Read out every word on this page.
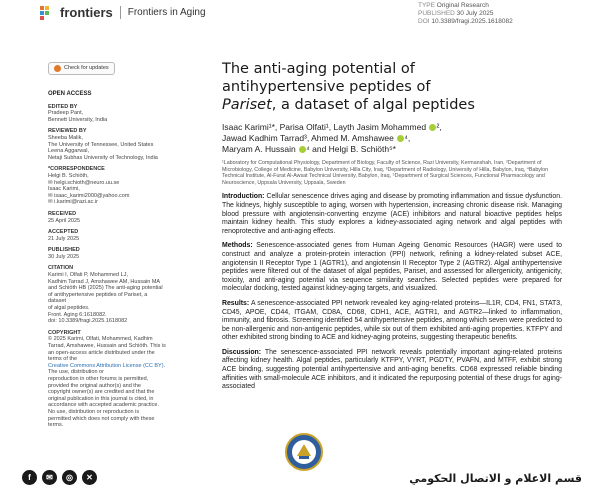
frontiers Frontiers in Aging
TYPE Original Research
PUBLISHED 30 July 2025
DOI 10.3389/fragi.2025.1618082
Check for updates
OPEN ACCESS
EDITED BY
Pradeep Pant,
Bennett University, India
REVIEWED BY
Sheeba Malik,
The University of Tennessee, United States
Leena Aggarwal,
Netaji Subhas University of Technology, India
*CORRESPONDENCE
Helgi B. Schiöth,
✉ helgi.schioth@neuro.uu.se
Isaac Karimi,
✉ isaac_karimi2000@yahoo.com
✉ i.karimi@razi.ac.ir
RECEIVED
25 April 2025
ACCEPTED
21 July 2025
PUBLISHED
30 July 2025
CITATION
Karimi I, Olfati P, Mohammed LJ,
Kadhim Tarrad J, Amshawee AM, Hussain MA
and Schiöth HB (2025) The anti-aging potential
of antihypertensive peptides of Pariset, a dataset
of algal peptides.
Front. Aging 6:1618082.
doi: 10.3389/fragi.2025.1618082
COPYRIGHT
© 2025 Karimi, Olfati, Mohammed, Kadhim
Tarrad, Amshawee, Hussain and Schiöth. This is
an open-access article distributed under the
terms of the
Creative Commons Attribution License (CC BY).
The use, distribution or
reproduction in other forums is permitted,
provided the original author(s) and the
copyright owner(s) are credited and that the
original publication in this journal is cited, in
accordance with accepted academic practice.
No use, distribution or reproduction is
permitted which does not comply with these
terms.
The anti-aging potential of
antihypertensive peptides of
Pariset, a dataset of algal peptides
Isaac Karimi¹*, Parisa Olfati¹, Layth Jasim Mohammed ²,
Jawad Kadhim Tarrad³, Ahmed M. Amshawee ⁴,
Maryam A. Hussain ⁴ and Helgi B. Schiöth⁵*
¹Laboratory for Computational Physiology, Department of Biology, Faculty of Science, Razi University, Kermanshah, Iran, ²Department of Microbiology, College of Medicine, Babylon University, Hilla City, Iraq, ³Department of Radiology, University of Hilla, Babylon, Iraq, ⁴Babylon Technical Institute, Al-Furat Al-Awsat Technical University, Babylon, Iraq, ⁵Department of Surgical Sciences, Functional Pharmacology and Neuroscience, Uppsala University, Uppsala, Sweden

Introduction: Cellular senescence drives aging and disease by promoting inflammation and tissue dysfunction. The kidneys, highly susceptible to aging, worsen with hypertension, increasing chronic disease risk. Managing blood pressure with angiotensin-converting enzyme (ACE) inhibitors and natural bioactive peptides helps maintain kidney health. This study explores a kidney-associated aging network and algal peptides with renoprotective and anti-aging effects.

Methods: Senescence-associated genes from Human Ageing Genomic Resources (HAGR) were used to construct and analyze a protein-protein interaction (PPI) network, refining a kidney-related subset ACE, angiotensin II Receptor Type 1 (AGTR1), and angiotensin II Receptor Type 2 (AGTR2). Algal antihypertensive peptides were filtered out of the dataset of algal peptides, Pariset, and assessed for allergenicity, antigenicity, toxicity, and anti-aging potential via sequence similarity searches. Selected peptides were prepared for molecular docking, tested against kidney-aging targets, and visualized.

Results: A senescence-associated PPI network revealed key aging-related proteins—IL1R, CD4, FN1, STAT3, CD45, APOE, CD44, ITGAM, CD8A, CD68, CDH1, ACE, AGTR1, and AGTR2—linked to inflammation, immunity, and fibrosis. Screening identified 54 antihypertensive peptides, among which seven were predicted to be non-allergenic and non-antigenic peptides, while six out of them exhibited anti-aging properties. KTFPY and other exhibited strong binding to ACE and kidney-aging proteins, suggesting therapeutic benefits.

Discussion: The senescence-associated PPI network reveals potentially important aging-related proteins affecting kidney health. Algal peptides, particularly KTFPY, VYRT, PGDTY, PVAFN, and MTFF, exhibit strong ACE binding, suggesting potential antihypertensive and anti-aging benefits. CD68 expressed reliable binding affinities with small-molecule ACE inhibitors, and it indicated the repurposing potential of these drugs for aging-associated

f	✉	◎	✕	قسم الاعلام و الاتصال الحكومي
